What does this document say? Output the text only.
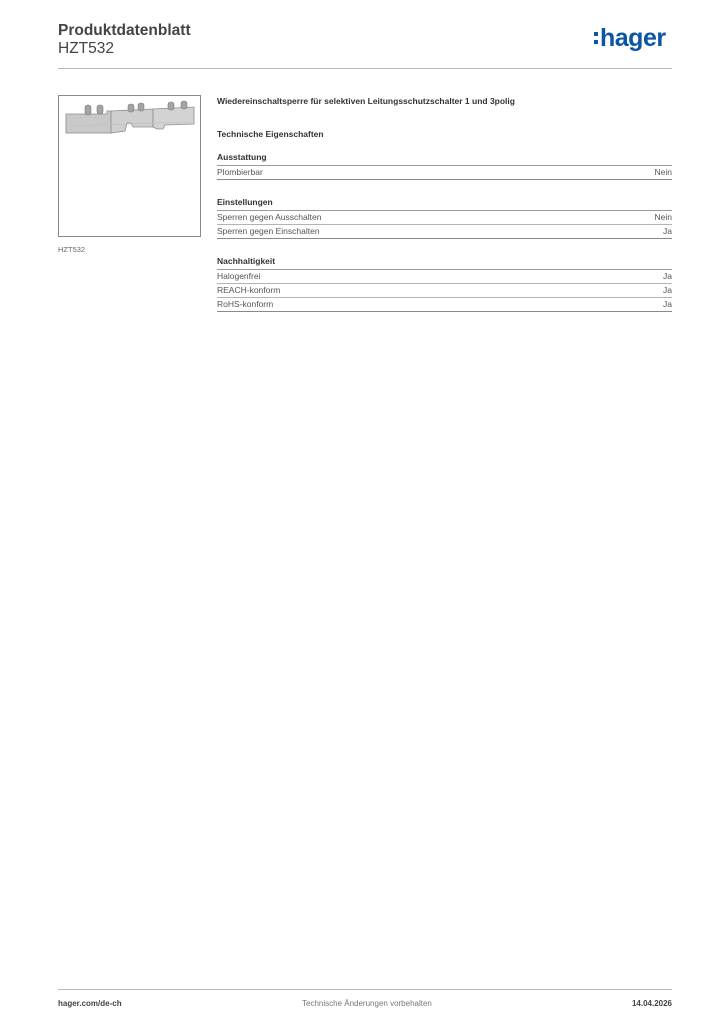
Produktdatenblatt
HZT532	hager
HZT532
Wiedereinschaltsperre für selektiven Leitungsschutzschalter 1 und 3polig
Technische Eigenschaften
Ausstattung
Plombierbar	Nein
Einstellungen
Sperren gegen Ausschalten	Nein
Sperren gegen Einschalten	Ja
Nachhaltigkeit
Halogenfrei	Ja
REACH-konform	Ja
RoHS-konform	Ja
hager.com/de-ch	Technische Änderungen vorbehalten	14.04.2026
